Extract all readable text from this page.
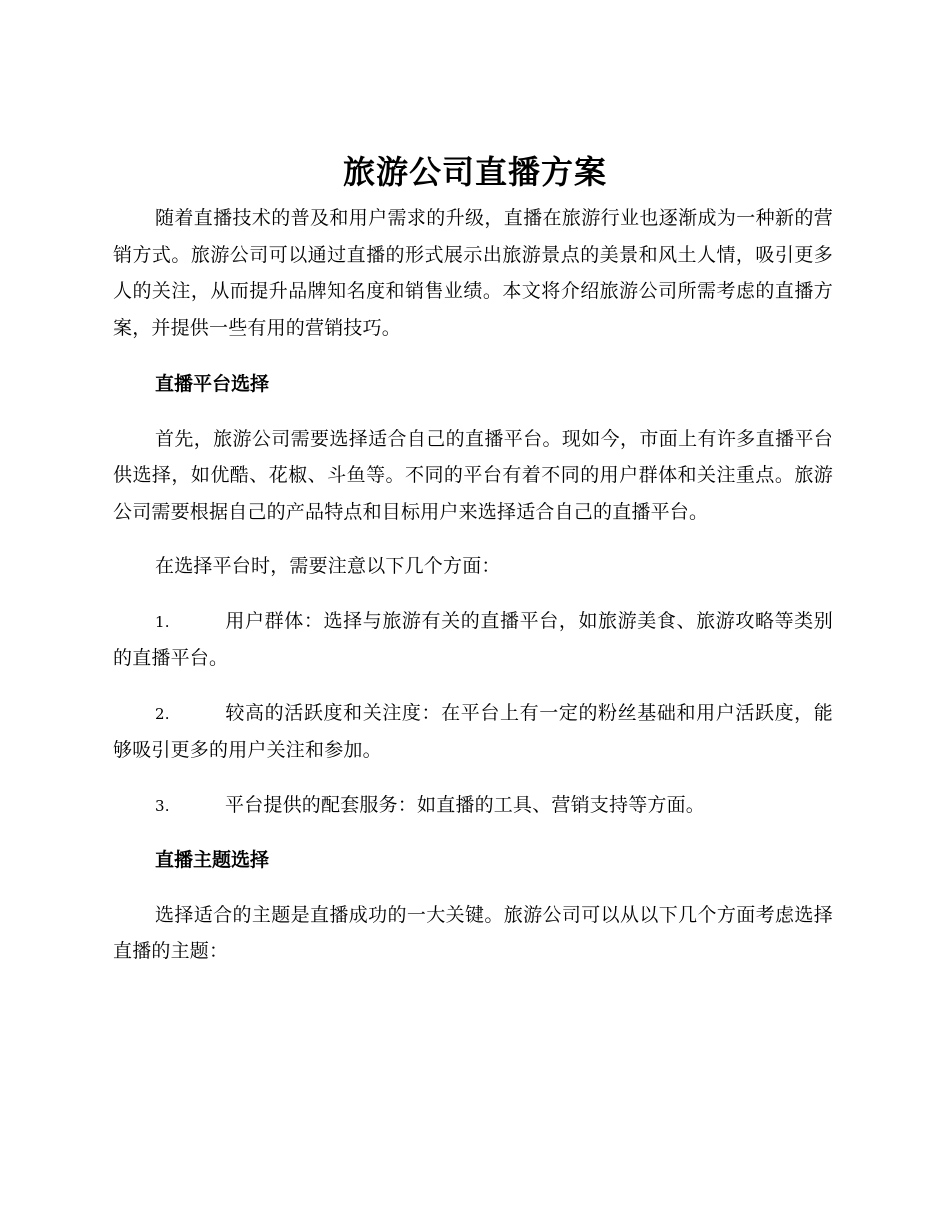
旅游公司直播方案

随着直播技术的普及和用户需求的升级，直播在旅游行业也逐渐成为一种新的营销方式。旅游公司可以通过直播的形式展示出旅游景点的美景和风土人情，吸引更多人的关注，从而提升品牌知名度和销售业绩。本文将介绍旅游公司所需考虑的直播方案，并提供一些有用的营销技巧。

直播平台选择

首先，旅游公司需要选择适合自己的直播平台。现如今，市面上有许多直播平台供选择，如优酷、花椒、斗鱼等。不同的平台有着不同的用户群体和关注重点。旅游公司需要根据自己的产品特点和目标用户来选择适合自己的直播平台。

在选择平台时，需要注意以下几个方面：

1.	用户群体：选择与旅游有关的直播平台，如旅游美食、旅游攻略等类别的直播平台。

2.	较高的活跃度和关注度：在平台上有一定的粉丝基础和用户活跃度，能够吸引更多的用户关注和参加。

3.	平台提供的配套服务：如直播的工具、营销支持等方面。

直播主题选择

选择适合的主题是直播成功的一大关键。旅游公司可以从以下几个方面考虑选择直播的主题：
